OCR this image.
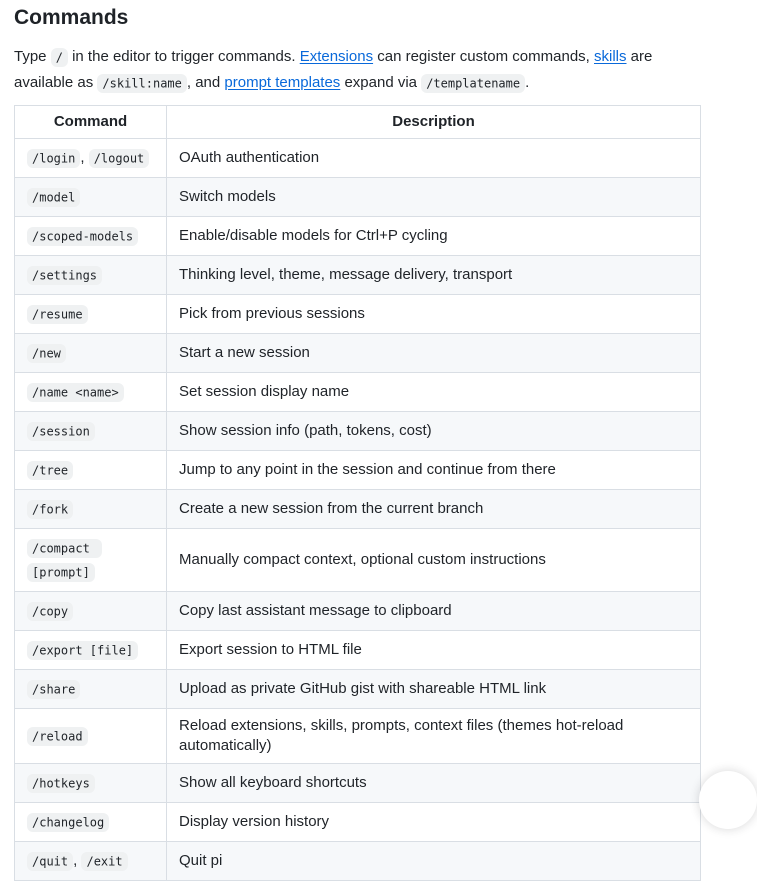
Commands

Type / in the editor to trigger commands. Extensions can register custom commands, skills are available as /skill:name , and prompt templates expand via /templatename .

Command	Description
/login , /logout	OAuth authentication
/model	Switch models
/scoped-models	Enable/disable models for Ctrl+P cycling
/settings	Thinking level, theme, message delivery, transport
/resume	Pick from previous sessions
/new	Start a new session
/name <name>	Set session display name
/session	Show session info (path, tokens, cost)
/tree	Jump to any point in the session and continue from there
/fork	Create a new session from the current branch
/compact [prompt]	Manually compact context, optional custom instructions
/copy	Copy last assistant message to clipboard
/export [file]	Export session to HTML file
/share	Upload as private GitHub gist with shareable HTML link
/reload	Reload extensions, skills, prompts, context files (themes hot-reload automatically)
/hotkeys	Show all keyboard shortcuts
/changelog	Display version history
/quit , /exit	Quit pi
